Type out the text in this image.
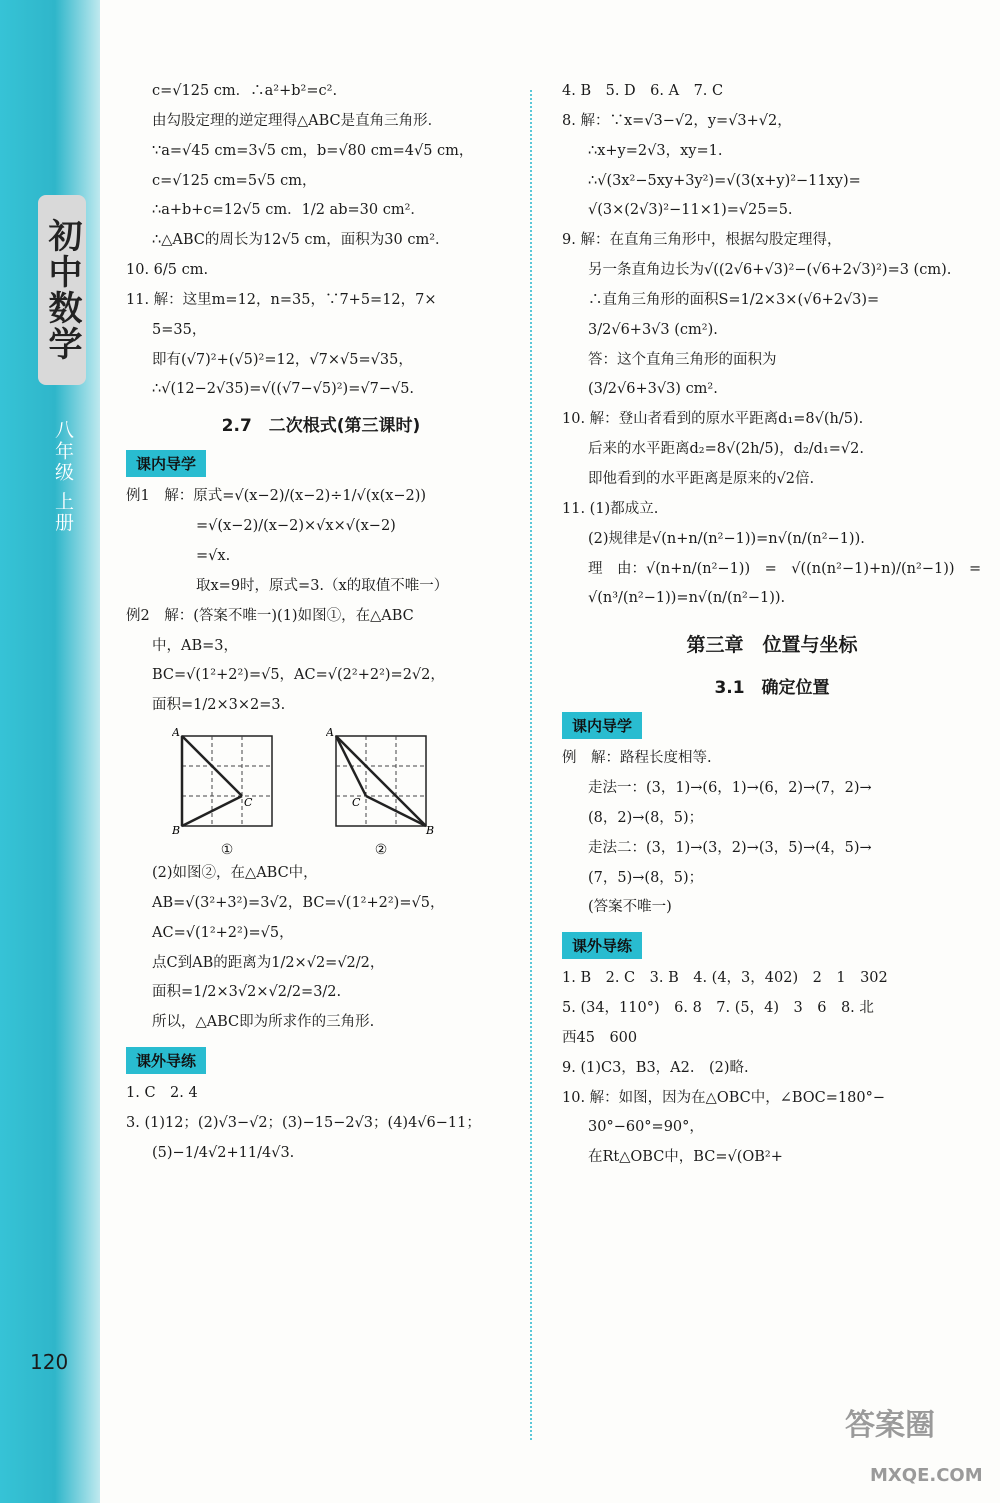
初中数学
八年级 上册
120
c=√125 cm．∴a²+b²=c².
由勾股定理的逆定理得△ABC是直角三角形．
∵a=√45 cm=3√5 cm，b=√80 cm=4√5 cm，
c=√125 cm=5√5 cm，
∴a+b+c=12√5 cm．1/2 ab=30 cm²．
∴△ABC的周长为12√5 cm，面积为30 cm²．
10. 6/5 cm.
11. 解：这里m=12，n=35，∵7+5=12，7×
5=35，
即有(√7)²+(√5)²=12，√7×√5=√35，
∴√(12−2√35)=√((√7−√5)²)=√7−√5.
2.7　二次根式(第三课时)
课内导学
例1　解：原式=√(x−2)/(x−2)÷1/√(x(x−2))
=√(x−2)/(x−2)×√x×√(x−2)
=√x.
取x=9时，原式=3.（x的取值不唯一）
例2　解：(答案不唯一)(1)如图①，在△ABC
中，AB=3，
BC=√(1²+2²)=√5，AC=√(2²+2²)=2√2，
面积=1/2×3×2=3.
A
B
C
①
A
B
C
②
(2)如图②，在△ABC中，
AB=√(3²+3²)=3√2，BC=√(1²+2²)=√5，
AC=√(1²+2²)=√5，
点C到AB的距离为1/2×√2=√2/2，
面积=1/2×3√2×√2/2=3/2.
所以，△ABC即为所求作的三角形.
课外导练
1. C　2. 4
3. (1)12；(2)√3−√2；(3)−15−2√3；(4)4√6−11；
(5)−1/4√2+11/4√3.
4. B　5. D　6. A　7. C
8. 解：∵x=√3−√2，y=√3+√2，
∴x+y=2√3，xy=1.
∴√(3x²−5xy+3y²)=√(3(x+y)²−11xy)=
√(3×(2√3)²−11×1)=√25=5.
9. 解：在直角三角形中，根据勾股定理得，
另一条直角边长为√((2√6+√3)²−(√6+2√3)²)=3 (cm).
∴直角三角形的面积S=1/2×3×(√6+2√3)=
3/2√6+3√3 (cm²).
答：这个直角三角形的面积为
(3/2√6+3√3) cm².
10. 解：登山者看到的原水平距离d₁=8√(h/5).
后来的水平距离d₂=8√(2h/5)，d₂/d₁=√2.
即他看到的水平距离是原来的√2倍.
11. (1)都成立.
(2)规律是√(n+n/(n²−1))=n√(n/(n²−1)).
理　由：√(n+n/(n²−1))　=　√((n(n²−1)+n)/(n²−1))　=
√(n³/(n²−1))=n√(n/(n²−1)).
第三章　位置与坐标
3.1　确定位置
课内导学
例　解：路程长度相等.
走法一：(3，1)→(6，1)→(6，2)→(7，2)→
(8，2)→(8，5)；
走法二：(3，1)→(3，2)→(3，5)→(4，5)→
(7，5)→(8，5)；
(答案不唯一)
课外导练
1. B　2. C　3. B　4. (4，3，402)　2　1　302
5. (34，110°)　6. 8　7. (5，4)　3　6　8. 北
西45　600
9. (1)C3，B3，A2.　(2)略.
10. 解：如图，因为在△OBC中，∠BOC=180°−
30°−60°=90°，
在Rt△OBC中，BC=√(OB²+
答案圈
MXQE.COM
